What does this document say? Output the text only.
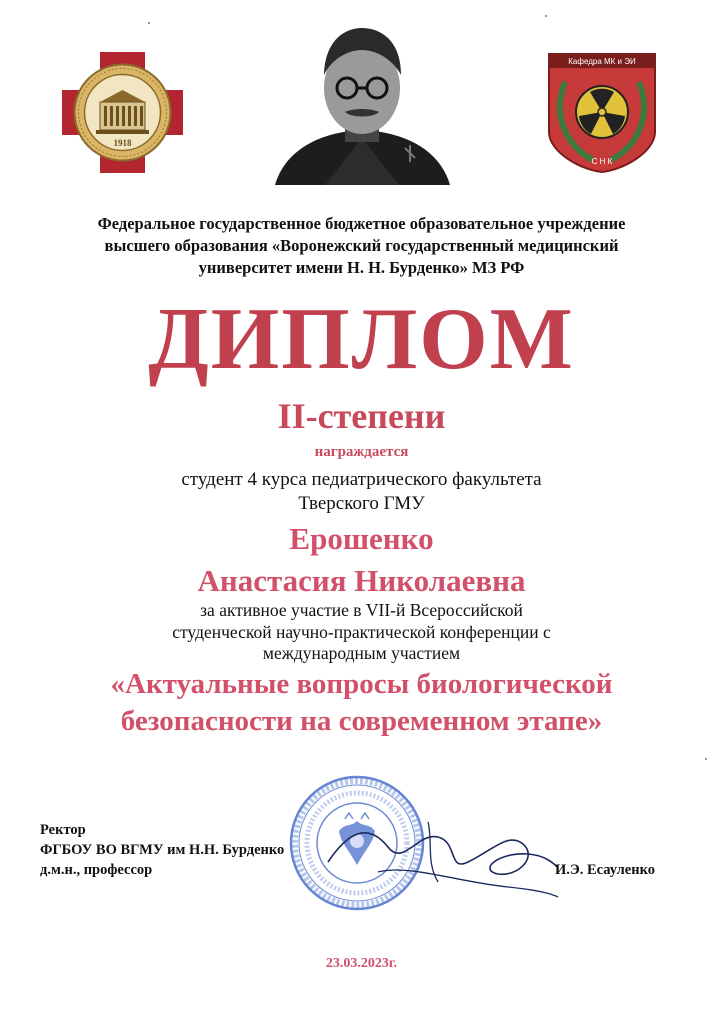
1918
Кафедра МК и ЭИ
С Н К
Федеральное государственное бюджетное образовательное учреждение
высшего образования «Воронежский государственный медицинский
университет имени Н. Н. Бурденко» МЗ РФ
ДИПЛОМ
II-степени
награждается
студент 4 курса педиатрического факультета
Тверского ГМУ
Ерошенко
Анастасия Николаевна
за активное участие в VII-й Всероссийской
студенческой научно-практической конференции с
международным участием
«Актуальные вопросы биологической
безопасности на современном этапе»
Ректор
ФГБОУ ВО ВГМУ им Н.Н. Бурденко
д.м.н., профессор	И.Э. Есауленко
23.03.2023г.
